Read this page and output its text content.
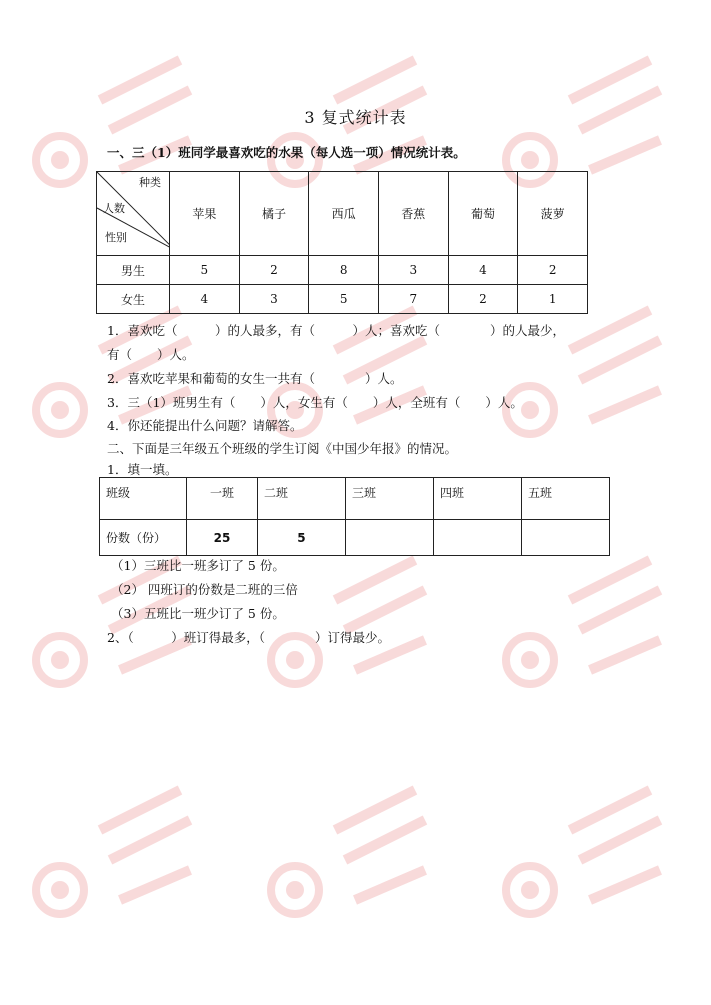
3 复式统计表
一、三（1）班同学最喜欢吃的水果（每人选一项）情况统计表。
种类
人数
性别	苹果	橘子	西瓜	香蕉	葡萄	菠萝
男生	5	2	8	3	4	2
女生	4	3	5	7	2	1
1．喜欢吃（　　　）的人最多，有（　　　）人；喜欢吃（　　　　）的人最少，
有（　　）人。
2．喜欢吃苹果和葡萄的女生一共有（　　　　）人。
3．三（1）班男生有（　　）人，女生有（　　）人，全班有（　　）人。
4．你还能提出什么问题？请解答。
二、下面是三年级五个班级的学生订阅《中国少年报》的情况。
1．填一填。
班级	一班	二班	三班	四班	五班
份数（份）	25	5			
（1）三班比一班多订了 5 份。
（2） 四班订的份数是二班的三倍
（3）五班比一班少订了 5 份。
2、（　　　）班订得最多，（　　　　）订得最少。
